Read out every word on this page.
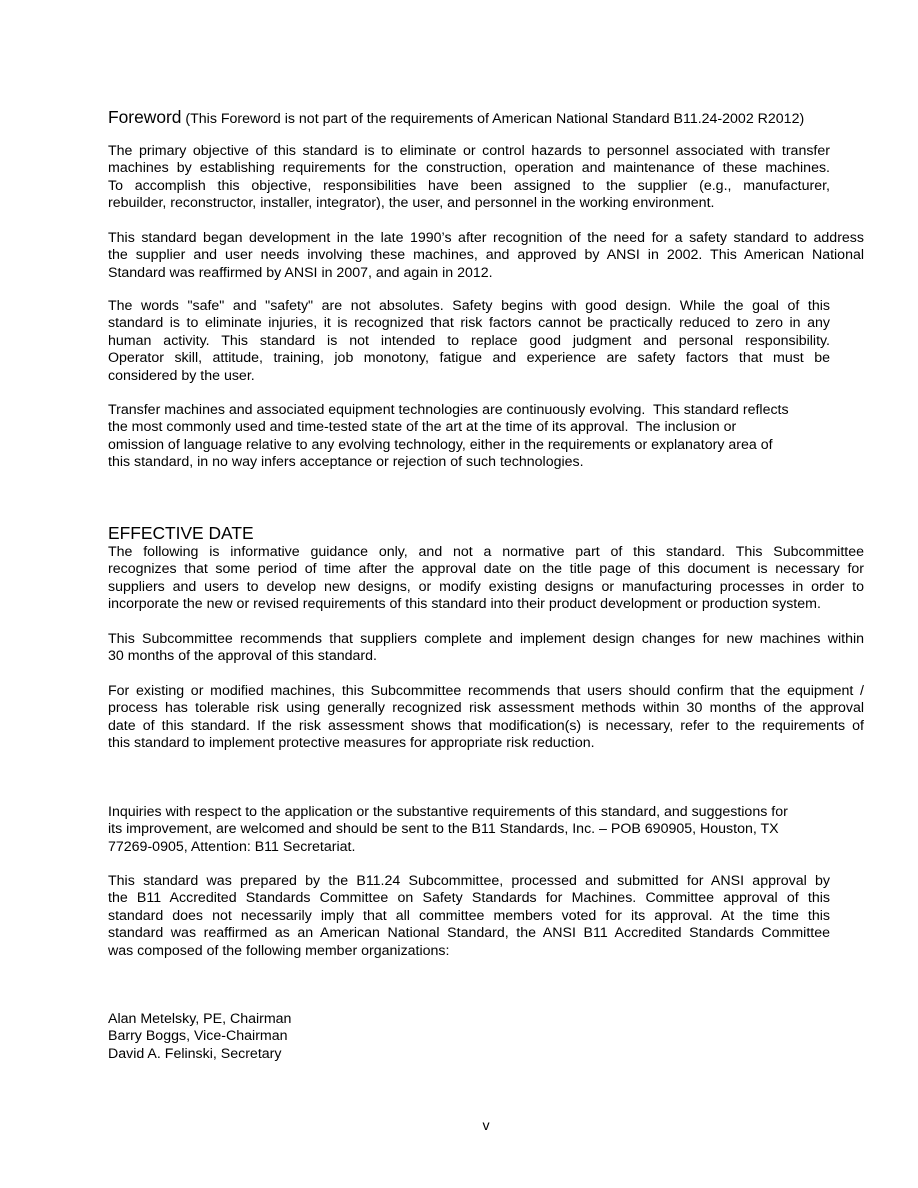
Foreword (This Foreword is not part of the requirements of American National Standard B11.24-2002 R2012)
The primary objective of this standard is to eliminate or control hazards to personnel associated with transfer
machines by establishing requirements for the construction, operation and maintenance of these machines.
To accomplish this objective, responsibilities have been assigned to the supplier (e.g., manufacturer,
rebuilder, reconstructor, installer, integrator), the user, and personnel in the working environment.
This standard began development in the late 1990’s after recognition of the need for a safety standard to address
the supplier and user needs involving these machines, and approved by ANSI in 2002. This American National
Standard was reaffirmed by ANSI in 2007, and again in 2012.
The words "safe" and "safety" are not absolutes. Safety begins with good design. While the goal of this
standard is to eliminate injuries, it is recognized that risk factors cannot be practically reduced to zero in any
human activity. This standard is not intended to replace good judgment and personal responsibility.
Operator skill, attitude, training, job monotony, fatigue and experience are safety factors that must be
considered by the user.
Transfer machines and associated equipment technologies are continuously evolving.  This standard reflects
the most commonly used and time-tested state of the art at the time of its approval.  The inclusion or
omission of language relative to any evolving technology, either in the requirements or explanatory area of
this standard, in no way infers acceptance or rejection of such technologies.
EFFECTIVE DATE
The following is informative guidance only, and not a normative part of this standard. This Subcommittee
recognizes that some period of time after the approval date on the title page of this document is necessary for
suppliers and users to develop new designs, or modify existing designs or manufacturing processes in order to
incorporate the new or revised requirements of this standard into their product development or production system.
This Subcommittee recommends that suppliers complete and implement design changes for new machines within
30 months of the approval of this standard.
For existing or modified machines, this Subcommittee recommends that users should confirm that the equipment /
process has tolerable risk using generally recognized risk assessment methods within 30 months of the approval
date of this standard. If the risk assessment shows that modification(s) is necessary, refer to the requirements of
this standard to implement protective measures for appropriate risk reduction.
Inquiries with respect to the application or the substantive requirements of this standard, and suggestions for
its improvement, are welcomed and should be sent to the B11 Standards, Inc. – POB 690905, Houston, TX
77269-0905, Attention: B11 Secretariat.
This standard was prepared by the B11.24 Subcommittee, processed and submitted for ANSI approval by
the B11 Accredited Standards Committee on Safety Standards for Machines. Committee approval of this
standard does not necessarily imply that all committee members voted for its approval. At the time this
standard was reaffirmed as an American National Standard, the ANSI B11 Accredited Standards Committee
was composed of the following member organizations:
Alan Metelsky, PE, Chairman
Barry Boggs, Vice-Chairman
David A. Felinski, Secretary
v
